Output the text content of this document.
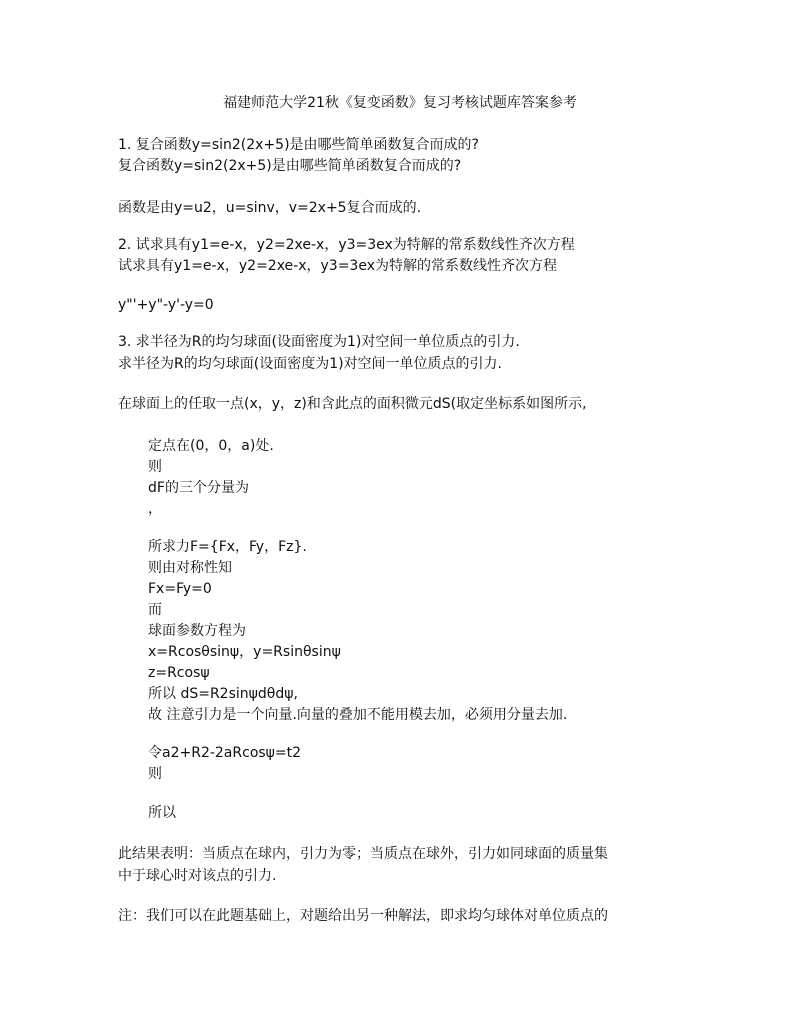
福建师范大学21秋《复变函数》复习考核试题库答案参考
1. 复合函数y=sin2(2x+5)是由哪些简单函数复合而成的?
复合函数y=sin2(2x+5)是由哪些简单函数复合而成的?
函数是由y=u2，u=sinv，v=2x+5复合而成的.
2. 试求具有y1=e-x，y2=2xe-x，y3=3ex为特解的常系数线性齐次方程
试求具有y1=e-x，y2=2xe-x，y3=3ex为特解的常系数线性齐次方程
y"'+y"-y'-y=0
3. 求半径为R的均匀球面(设面密度为1)对空间一单位质点的引力.
求半径为R的均匀球面(设面密度为1)对空间一单位质点的引力.
在球面上的任取一点(x，y，z)和含此点的面积微元dS(取定坐标系如图所示,
定点在(0，0，a)处.
则
dF的三个分量为
，
所求力F={Fx，Fy，Fz}.
则由对称性知
Fx=Fy=0
而
球面参数方程为
x=Rcosθsinψ，y=Rsinθsinψ
z=Rcosψ
所以 dS=R2sinψdθdψ,
故 注意引力是一个向量.向量的叠加不能用模去加，必须用分量去加.
令a2+R2-2aRcosψ=t2
则
所以
此结果表明：当质点在球内，引力为零；当质点在球外，引力如同球面的质量集
中于球心时对该点的引力.
注：我们可以在此题基础上，对题给出另一种解法，即求均匀球体对单位质点的
